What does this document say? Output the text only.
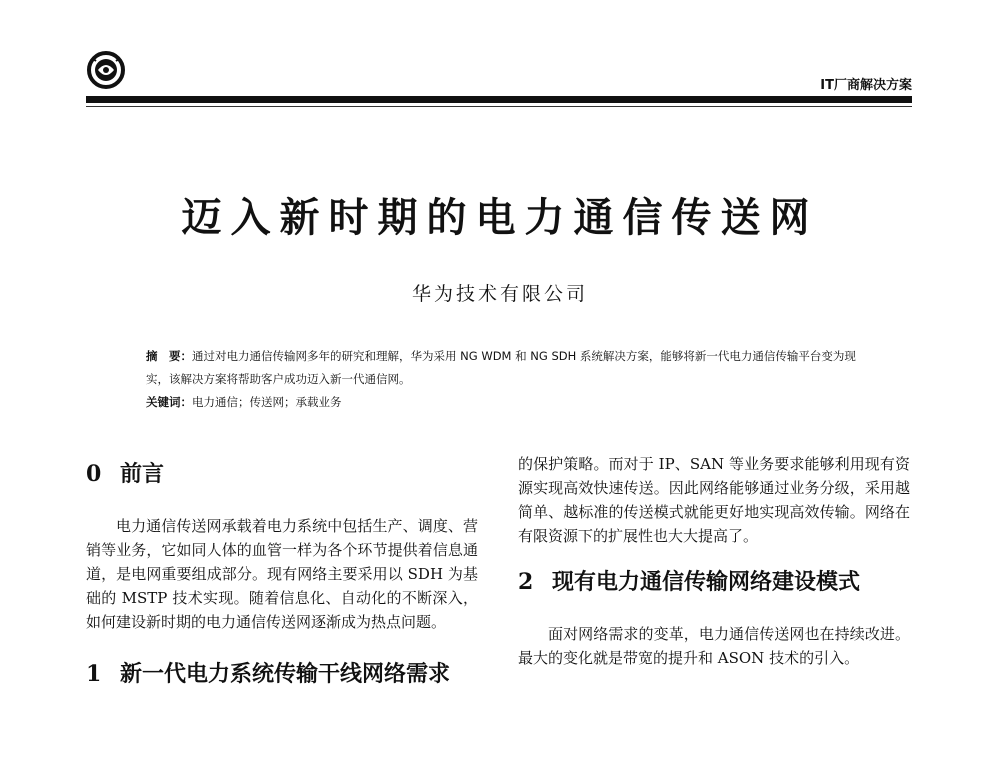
IT厂商解决方案
迈入新时期的电力通信传送网
华为技术有限公司
摘　要：通过对电力通信传输网多年的研究和理解，华为采用 NG WDM 和 NG SDH 系统解决方案，能够将新一代电力通信传输平台变为现实，该解决方案将帮助客户成功迈入新一代通信网。
关键词：电力通信；传送网；承载业务
0 前言

电力通信传送网承载着电力系统中包括生产、调度、营销等业务，它如同人体的血管一样为各个环节提供着信息通道，是电网重要组成部分。现有网络主要采用以 SDH 为基础的 MSTP 技术实现。随着信息化、自动化的不断深入，如何建设新时期的电力通信传送网逐渐成为热点问题。

1 新一代电力系统传输干线网络需求

的保护策略。而对于 IP、SAN 等业务要求能够利用现有资源实现高效快速传送。因此网络能够通过业务分级，采用越简单、越标准的传送模式就能更好地实现高效传输。网络在有限资源下的扩展性也大大提高了。

2 现有电力通信传输网络建设模式

面对网络需求的变革，电力通信传送网也在持续改进。最大的变化就是带宽的提升和 ASON 技术的引入。
